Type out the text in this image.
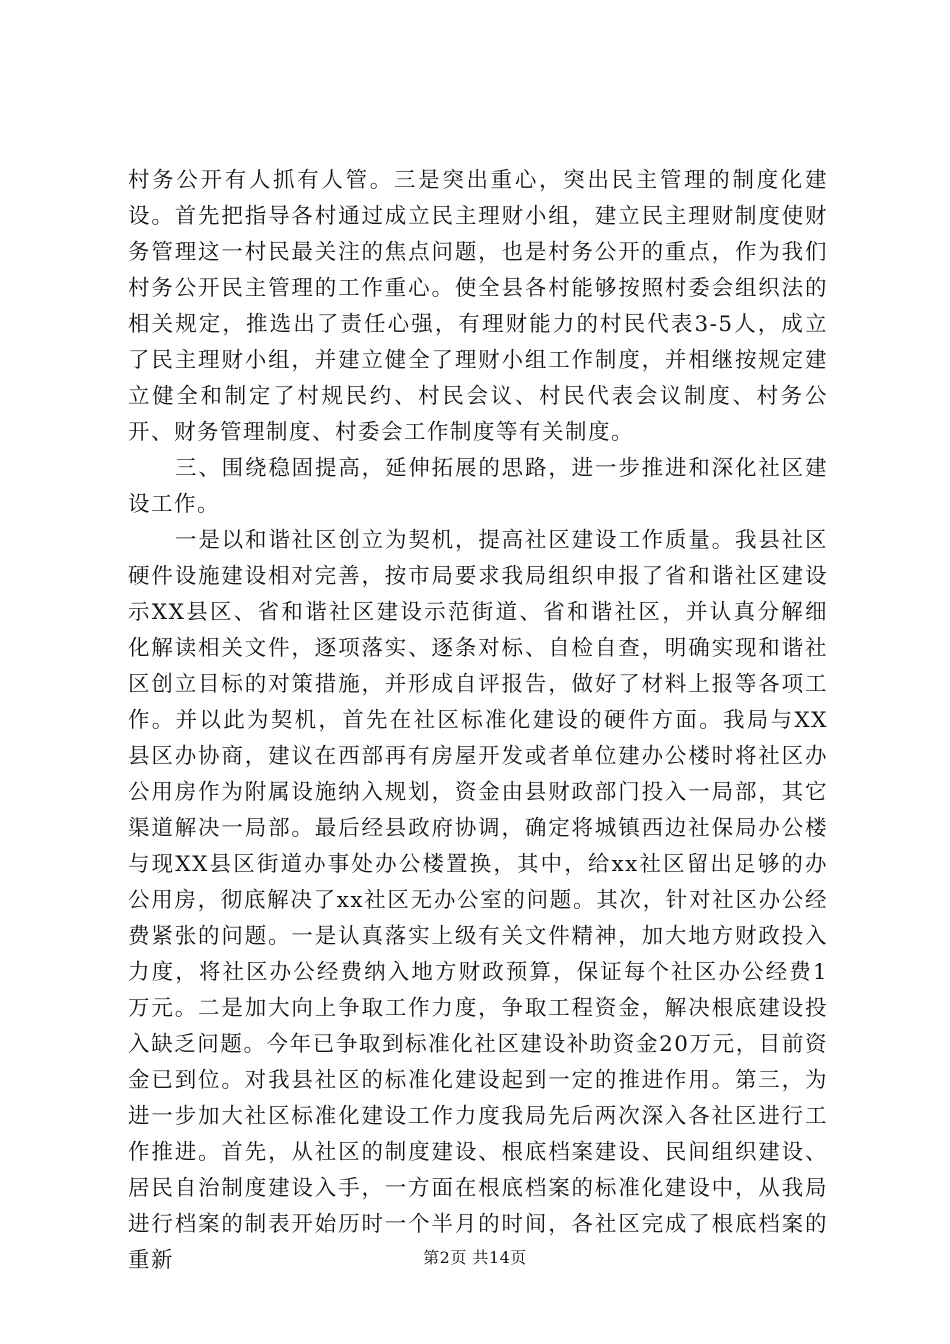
村务公开有人抓有人管。三是突出重心，突出民主管理的制度化建设。首先把指导各村通过成立民主理财小组，建立民主理财制度使财务管理这一村民最关注的焦点问题，也是村务公开的重点，作为我们村务公开民主管理的工作重心。使全县各村能够按照村委会组织法的相关规定，推选出了责任心强，有理财能力的村民代表3-5人，成立了民主理财小组，并建立健全了理财小组工作制度，并相继按规定建立健全和制定了村规民约、村民会议、村民代表会议制度、村务公开、财务管理制度、村委会工作制度等有关制度。

三、围绕稳固提高，延伸拓展的思路，进一步推进和深化社区建设工作。

一是以和谐社区创立为契机，提高社区建设工作质量。我县社区硬件设施建设相对完善，按市局要求我局组织申报了省和谐社区建设示XX县区、省和谐社区建设示范街道、省和谐社区，并认真分解细化解读相关文件，逐项落实、逐条对标、自检自查，明确实现和谐社区创立目标的对策措施，并形成自评报告，做好了材料上报等各项工作。并以此为契机，首先在社区标准化建设的硬件方面。我局与XX县区办协商，建议在西部再有房屋开发或者单位建办公楼时将社区办公用房作为附属设施纳入规划，资金由县财政部门投入一局部，其它渠道解决一局部。最后经县政府协调，确定将城镇西边社保局办公楼与现XX县区街道办事处办公楼置换，其中，给xx社区留出足够的办公用房，彻底解决了xx社区无办公室的问题。其次，针对社区办公经费紧张的问题。一是认真落实上级有关文件精神，加大地方财政投入力度，将社区办公经费纳入地方财政预算，保证每个社区办公经费1万元。二是加大向上争取工作力度，争取工程资金，解决根底建设投入缺乏问题。今年已争取到标准化社区建设补助资金20万元，目前资金已到位。对我县社区的标准化建设起到一定的推进作用。第三，为进一步加大社区标准化建设工作力度我局先后两次深入各社区进行工作推进。首先，从社区的制度建设、根底档案建设、民间组织建设、居民自治制度建设入手，一方面在根底档案的标准化建设中，从我局进行档案的制表开始历时一个半月的时间，各社区完成了根底档案的重新	第2页 共14页
